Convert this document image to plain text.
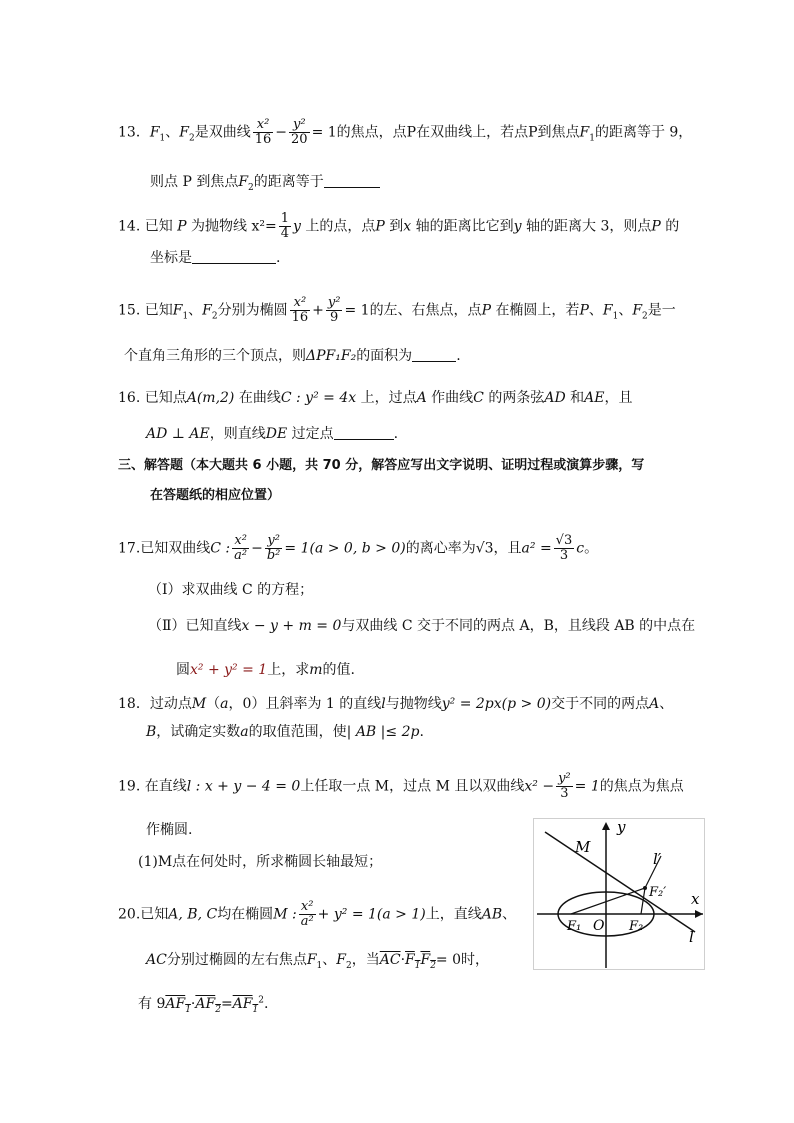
13．$F_1$、$F_2$是双曲线 $\frac{\text{x²}}{16} - \frac{\text{y²}}{20} = 1$的焦点，点P在双曲线上，若点P到焦点$F_1$的距离等于 9，
则点 P 到焦点$F_2$的距离等于
14. 已知 P 为抛物线 $x^2= \frac{1}{4}$ y 上的点，点P 到x 轴的距离比它到y 轴的距离大 3，则点P 的
坐标是	.
15. 已知$F_1$、$F_2$分别为椭圆 $\frac{\text{x²}}{16} + \frac{\text{y²}}{9} = 1$的左、右焦点，点P 在椭圆上，若P、$F_1$、$F_2$是一
个直角三角形的三个顶点，则ΔPF₁F₂的面积为	.
16. 已知点A(m,2) 在曲线C : y² = 4x 上，过点A 作曲线C 的两条弦AD 和AE，且
AD ⊥ AE，则直线DE 过定点	.
三、解答题（本大题共 6 小题，共 70 分，解答应写出文字说明、证明过程或演算步骤，写
在答题纸的相应位置）
17.已知双曲线C : $\frac{\text{x²}}{\text{a²}} - \frac{\text{y²}}{\text{b²}} = 1(a > 0$, b > 0)的离心率为√3，且$a^2 = \frac{√3}{3}$ c。
（Ⅰ）求双曲线 C 的方程；
（Ⅱ）已知直线x − y + m = 0与双曲线 C 交于不同的两点 A，B，且线段 AB 的中点在
圆x² + y² = 1上，求m的值.
18．过动点M（a，0）且斜率为 1 的直线l与抛物线y² = 2px(p > 0)交于不同的两点A、
B，试确定实数a的取值范围，使| AB |≤ 2p.
19. 在直线l : x + y − 4 = 0上任取一点 M，过点 M 且以双曲线$x^2 - \frac{\text{y²}}{3} = 1$的焦点为焦点
作椭圆.
(1)M点在何处时，所求椭圆长轴最短；
20.已知A, B, C均在椭圆M : $\frac{\text{x²}}{\text{a²}} + y^2 = 1(a > 1)$上，直线AB、
AC分别过椭圆的左右焦点$F_1$、$F_2$，当$\overline{AC}\cdot F_1F_2= 0$时，
有 $9AF_1\cdot AF_2=AF_1^2$.
y
x
M
l′
F₂′
F₁ O F₂
l
